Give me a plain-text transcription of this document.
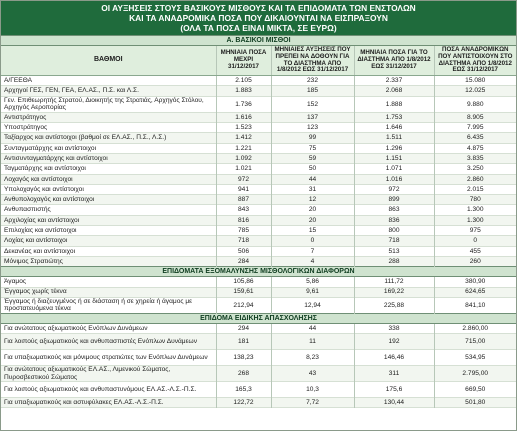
ΟΙ ΑΥΞΗΣΕΙΣ ΣΤΟΥΣ ΒΑΣΙΚΟΥΣ ΜΙΣΘΟΥΣ ΚΑΙ ΤΑ ΕΠΙΔΟΜΑΤΑ ΤΩΝ ΕΝΣΤΟΛΩΝ
ΚΑΙ ΤΑ ΑΝΑΔΡΟΜΙΚΑ ΠΟΣΑ ΠΟΥ ΔΙΚΑΙΟΥΝΤΑΙ ΝΑ ΕΙΣΠΡΑΞΟΥΝ
(ΟΛΑ ΤΑ ΠΟΣΑ ΕΙΝΑΙ ΜΙΚΤΑ, ΣΕ ΕΥΡΩ)
Α. ΒΑΣΙΚΟΙ ΜΙΣΘΟΙ				
ΒΑΘΜΟΙ	ΜΗΝΙΑΙΑ ΠΟΣΑ ΜΕΧΡΙ 31/12/2017	ΜΗΝΙΑΙΕΣ ΑΥΞΗΣΕΙΣ ΠΟΥ ΠΡΕΠΕΙ ΝΑ ΔΟΘΟΥΝ ΓΙΑ ΤΟ ΔΙΑΣΤΗΜΑ ΑΠΟ 1/8/2012 ΕΩΣ 31/12/2017	ΜΗΝΙΑΙΑ ΠΟΣΑ ΓΙΑ ΤΟ ΔΙΑΣΤΗΜΑ ΑΠΟ 1/8/2012 ΕΩΣ 31/12/2017	ΠΟΣΑ ΑΝΑΔΡΟΜΙΚΩΝ ΠΟΥ ΑΝΤΙΣΤΟΙΧΟΥΝ ΣΤΟ ΔΙΑΣΤΗΜΑ ΑΠΟ 1/8/2012 ΕΩΣ 31/12/2017
Α/ΓΕΕΘΑ	2.105	232	2.337	15.080
Αρχηγοί ΓΕΣ, ΓΕΝ, ΓΕΑ, ΕΛ.ΑΣ., Π.Σ. και Λ.Σ.	1.883	185	2.068	12.025
Γεν. Επιθεωρητής Στρατού, Διοικητής της Στρατιάς, Αρχηγός Στόλου, Αρχηγός Αεροπορίας	1.736	152	1.888	9.880
Αντιστράτηγος	1.616	137	1.753	8.905
Υποστράτηγος	1.523	123	1.646	7.995
Ταξίαρχος και αντίστοιχοι (βαθμοί σε ΕΛ.ΑΣ., Π.Σ., Λ.Σ.)	1.412	99	1.511	6.435
Συνταγματάρχης και αντίστοιχοι	1.221	75	1.296	4.875
Αντισυνταγματάρχης και αντίστοιχοι	1.092	59	1.151	3.835
Ταγματάρχης και αντίστοιχοι	1.021	50	1.071	3.250
Λοχαγός και αντίστοιχοι	972	44	1.016	2.860
Υπολοχαγός και αντίστοιχοι	941	31	972	2.015
Ανθυπολοχαγός και αντίστοιχοι	887	12	899	780
Ανθυπασπιστής	843	20	863	1.300
Αρχιλοχίας και αντίστοιχοι	816	20	836	1.300
Επιλοχίας και αντίστοιχοι	785	15	800	975
Λοχίας και αντίστοιχοι	718	0	718	0
Δεκανέας και αντίστοιχοι	506	7	513	455
Μόνιμος Στρατιώτης	284	4	288	260
ΕΠΙΔΟΜΑΤΑ ΕΞΟΜΑΛΥΝΣΗΣ ΜΙΣΘΟΛΟΓΙΚΩΝ ΔΙΑΦΟΡΩΝ				
Άγαμος	105,86	5,86	111,72	380,90
Έγγαμος χωρίς τέκνα	159,61	9,61	169,22	624,65
Έγγαμος ή διαζευγμένος ή σε διάσταση ή σε χηρεία ή άγαμος με προστατευόμενα τέκνα	212,94	12,94	225,88	841,10
ΕΠΙΔΟΜΑ ΕΙΔΙΚΗΣ ΑΠΑΣΧΟΛΗΣΗΣ				
Για ανώτατους αξιωματικούς Ενόπλων Δυνάμεων	294	44	338	2.860,00
Για λοιπούς αξιωματικούς και ανθυπασπιστές Ενόπλων Δυνάμεων	181	11	192	715,00
Για υπαξιωματικούς και μόνιμους στρατιώτες των Ενόπλων Δυνάμεων	138,23	8,23	146,46	534,95
Για ανώτατους αξιωματικούς ΕΛ.ΑΣ., Λιμενικού Σώματος, Πυροσβεστικού Σώματος	268	43	311	2.795,00
Για λοιπούς αξιωματικούς και ανθυπαστυνόμους ΕΛ.ΑΣ.-Λ.Σ.-Π.Σ.	165,3	10,3	175,6	669,50
Για υπαξιωματικούς και αστυφύλακες ΕΛ.ΑΣ.-Λ.Σ.-Π.Σ.	122,72	7,72	130,44	501,80
